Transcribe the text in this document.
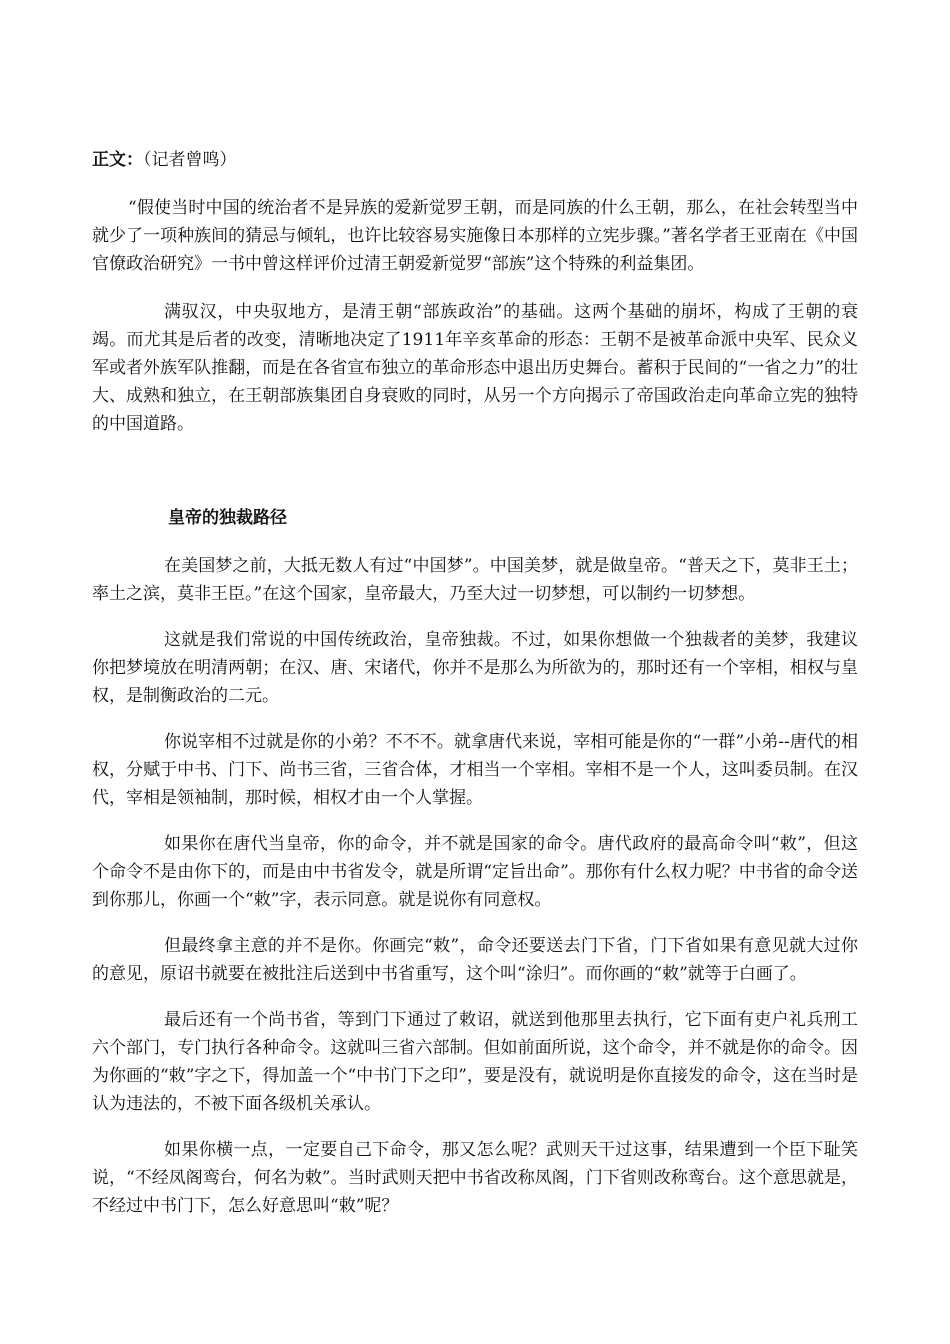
正文：（记者曾鸣）

“假使当时中国的统治者不是异族的爱新觉罗王朝，而是同族的什么王朝，那么，在社会转型当中就少了一项种族间的猜忌与倾轧，也许比较容易实施像日本那样的立宪步骤。”著名学者王亚南在《中国官僚政治研究》一书中曾这样评价过清王朝爱新觉罗“部族”这个特殊的利益集团。

满驭汉，中央驭地方，是清王朝“部族政治”的基础。这两个基础的崩坏，构成了王朝的衰竭。而尤其是后者的改变，清晰地决定了1911年辛亥革命的形态：王朝不是被革命派中央军、民众义军或者外族军队推翻，而是在各省宣布独立的革命形态中退出历史舞台。蓄积于民间的“一省之力”的壮大、成熟和独立，在王朝部族集团自身衰败的同时，从另一个方向揭示了帝国政治走向革命立宪的独特的中国道路。

皇帝的独裁路径

在美国梦之前，大抵无数人有过“中国梦”。中国美梦，就是做皇帝。“普天之下，莫非王土；率土之滨，莫非王臣。”在这个国家，皇帝最大，乃至大过一切梦想，可以制约一切梦想。

这就是我们常说的中国传统政治，皇帝独裁。不过，如果你想做一个独裁者的美梦，我建议你把梦境放在明清两朝；在汉、唐、宋诸代，你并不是那么为所欲为的，那时还有一个宰相，相权与皇权，是制衡政治的二元。

你说宰相不过就是你的小弟？不不不。就拿唐代来说，宰相可能是你的“一群”小弟--唐代的相权，分赋于中书、门下、尚书三省，三省合体，才相当一个宰相。宰相不是一个人，这叫委员制。在汉代，宰相是领袖制，那时候，相权才由一个人掌握。

如果你在唐代当皇帝，你的命令，并不就是国家的命令。唐代政府的最高命令叫“敕”，但这个命令不是由你下的，而是由中书省发令，就是所谓“定旨出命”。那你有什么权力呢？中书省的命令送到你那儿，你画一个“敕”字，表示同意。就是说你有同意权。

但最终拿主意的并不是你。你画完“敕”，命令还要送去门下省，门下省如果有意见就大过你的意见，原诏书就要在被批注后送到中书省重写，这个叫“涂归”。而你画的“敕”就等于白画了。

最后还有一个尚书省，等到门下通过了敕诏，就送到他那里去执行，它下面有吏户礼兵刑工六个部门，专门执行各种命令。这就叫三省六部制。但如前面所说，这个命令，并不就是你的命令。因为你画的“敕”字之下，得加盖一个“中书门下之印”，要是没有，就说明是你直接发的命令，这在当时是认为违法的，不被下面各级机关承认。

如果你横一点，一定要自己下命令，那又怎么呢？武则天干过这事，结果遭到一个臣下耻笑说，“不经凤阁鸾台，何名为敕”。当时武则天把中书省改称凤阁，门下省则改称鸾台。这个意思就是，不经过中书门下，怎么好意思叫“敕”呢？
